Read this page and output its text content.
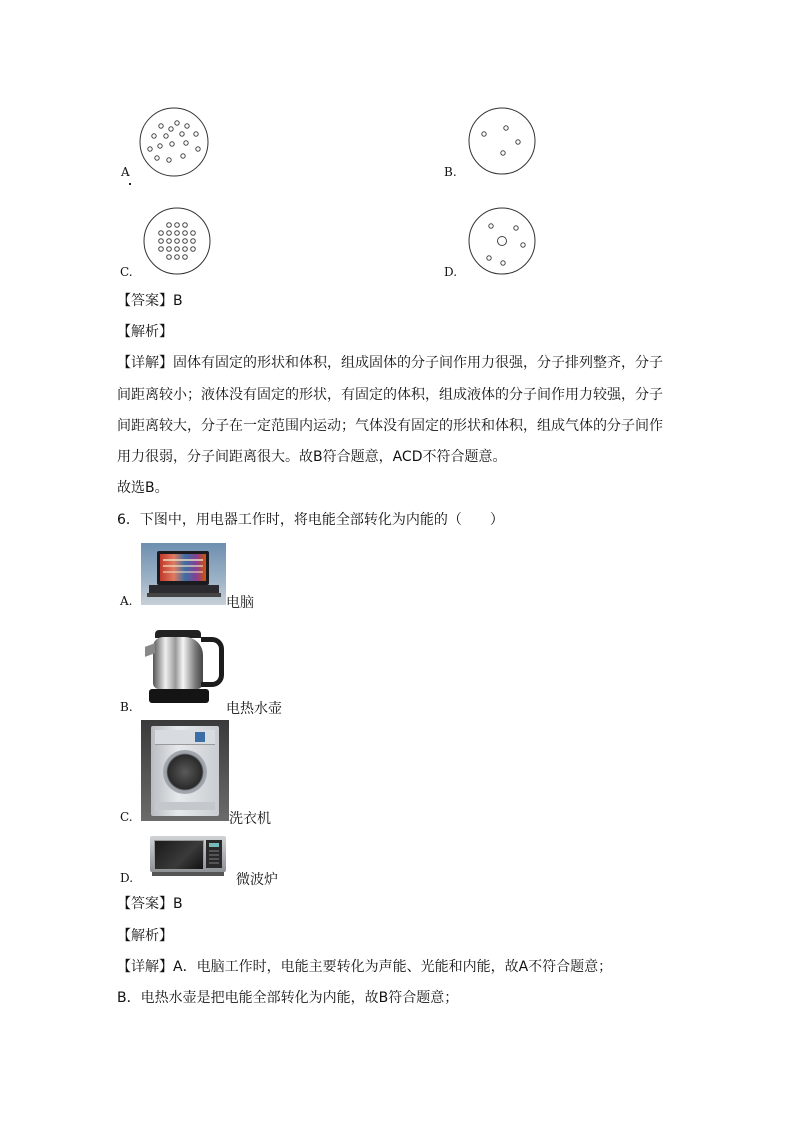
A	B.
C.	D.
【答案】B
【解析】
【详解】固体有固定的形状和体积，组成固体的分子间作用力很强，分子排列整齐，分子
间距离较小；液体没有固定的形状，有固定的体积，组成液体的分子间作用力较强，分子
间距离较大，分子在一定范围内运动；气体没有固定的形状和体积，组成气体的分子间作
用力很弱，分子间距离很大。故B符合题意，ACD不符合题意。
故选B。
6．下图中，用电器工作时，将电能全部转化为内能的（　　）
A.	电脑
B.	电热水壶
C.	洗衣机
D.	微波炉
【答案】B
【解析】
【详解】A．电脑工作时，电能主要转化为声能、光能和内能，故A不符合题意；
B．电热水壶是把电能全部转化为内能，故B符合题意；
